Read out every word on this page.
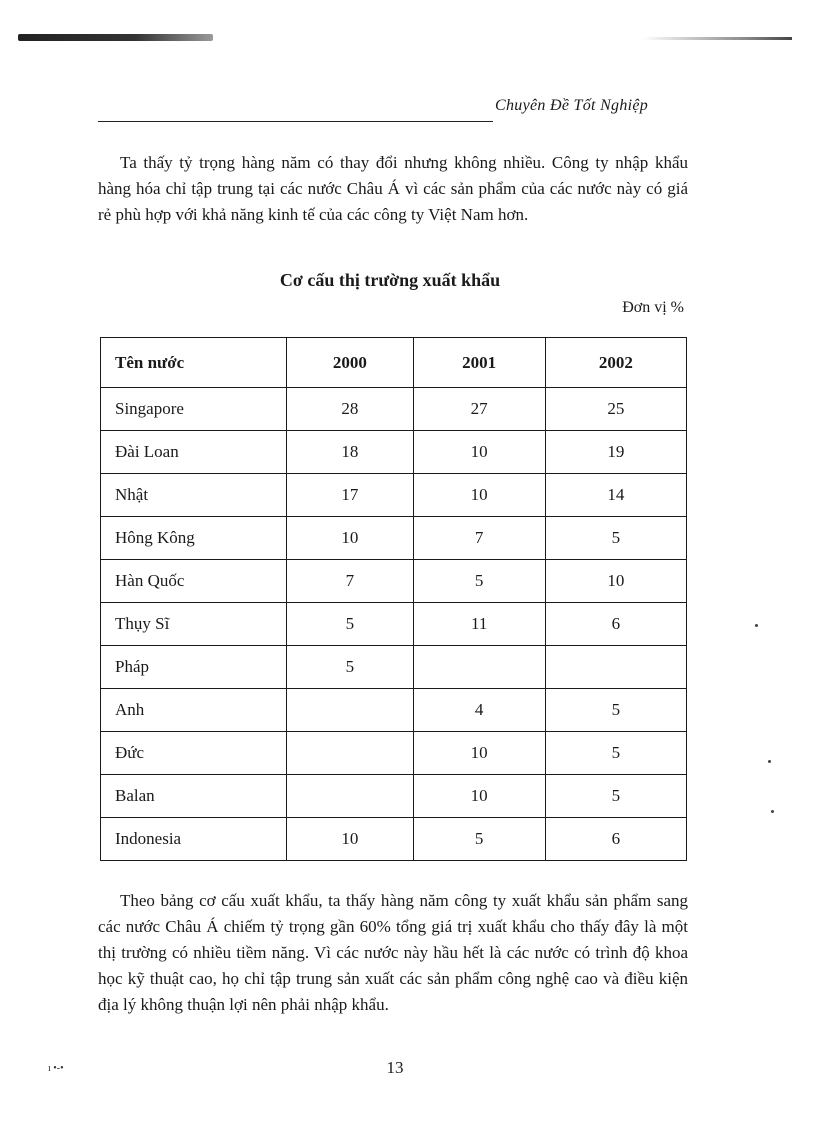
Chuyên Đề Tốt Nghiệp

Ta thấy tỷ trọng hàng năm có thay đổi nhưng không nhiều. Công ty nhập khẩu hàng hóa chỉ tập trung tại các nước Châu Á vì các sản phẩm của các nước này có giá rẻ phù hợp với khả năng kinh tế của các công ty Việt Nam hơn.

Cơ cấu thị trường xuất khẩu
Đơn vị %
Tên nước	2000	2001	2002
Singapore	28	27	25
Đài Loan	18	10	19
Nhật	17	10	14
Hông Kông	10	7	5
Hàn Quốc	7	5	10
Thụy Sĩ	5	11	6
Pháp	5		
Anh		4	5
Đức		10	5
Balan		10	5
Indonesia	10	5	6

Theo bảng cơ cấu xuất khẩu, ta thấy hàng năm công ty xuất khẩu sản phẩm sang các nước Châu Á chiếm tỷ trọng gần 60% tổng giá trị xuất khẩu cho thấy đây là một thị trường có nhiều tiềm năng. Vì các nước này hầu hết là các nước có trình độ khoa học kỹ thuật cao, họ chỉ tập trung sản xuất các sản phẩm công nghệ cao và điều kiện địa lý không thuận lợi nên phải nhập khẩu.

ı •-•	13
